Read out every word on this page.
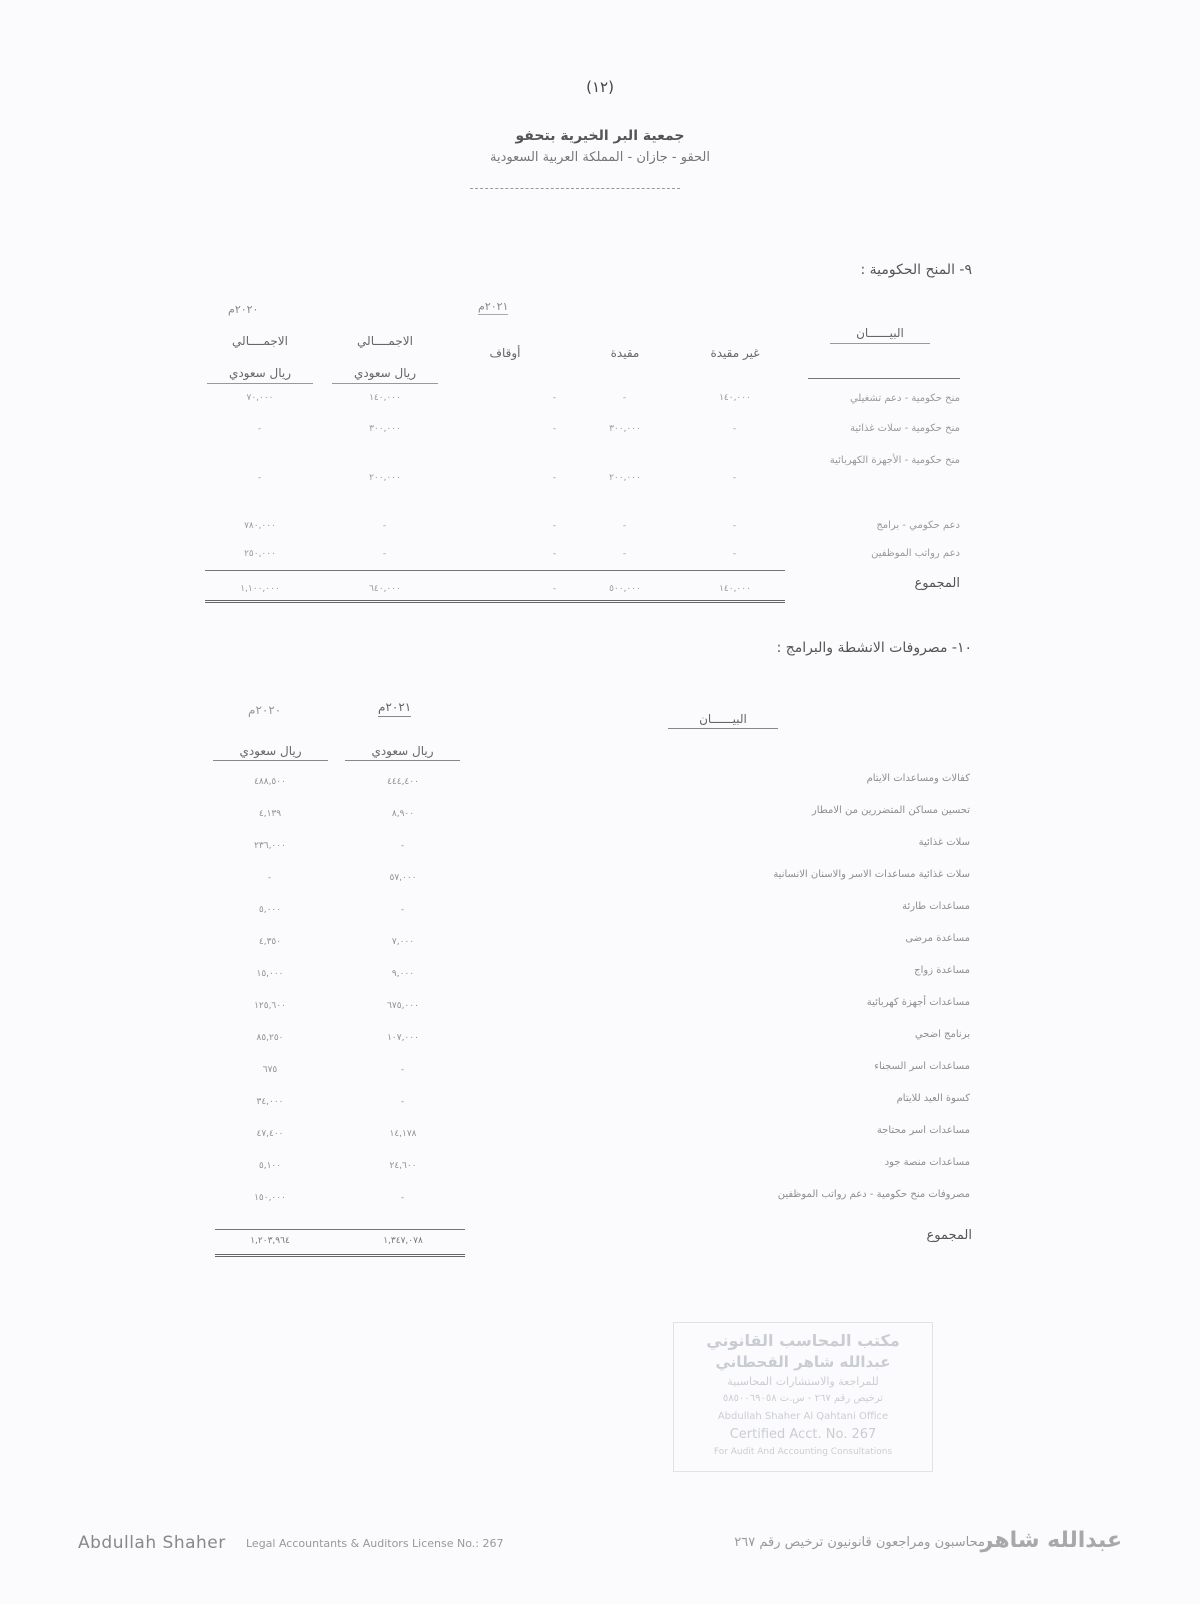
(١٢)
جمعية البر الخيرية بتحفو
الحقو - جازان - المملكة العربية السعودية
٩- المنح الحكومية :
٢٠٢٠م	٢٠٢١م
البيــــــان
غير مقيدة
مقيدة
أوقاف
الاجمــــالي
ريال سعودي
الاجمــــالي
ريال سعودي
منح حكومية - دعم تشغيلي
١٤٠,٠٠٠
-
-
١٤٠,٠٠٠
٧٠,٠٠٠
منح حكومية - سلات غذائية
-
٣٠٠,٠٠٠
-
٣٠٠,٠٠٠
-
منح حكومية - الأجهزة الكهربائية
-
٢٠٠,٠٠٠
-
٢٠٠,٠٠٠
-
دعم حكومي - برامج
-
-
-
-
٧٨٠,٠٠٠
دعم رواتب الموظفين
-
-
-
-
٢٥٠,٠٠٠
المجموع
١٤٠,٠٠٠
٥٠٠,٠٠٠
-
٦٤٠,٠٠٠
١,١٠٠,٠٠٠
١٠- مصروفات الانشطة والبرامج :
٢٠٢١م
٢٠٢٠م
البيــــــان
ريال سعودي
ريال سعودي
كفالات ومساعدات الايتام
٤٤٤,٤٠٠
٤٨٨,٥٠٠
تحسين مساكن المتضررين من الامطار
٨,٩٠٠
٤,١٣٩
سلات غذائية
-
٢٣٦,٠٠٠
سلات غذائية مساعدات الاسر والاسنان الانسانية
٥٧,٠٠٠
-
مساعدات طارئة
-
٥,٠٠٠
مساعدة مرضى
٧,٠٠٠
٤,٣٥٠
مساعدة زواج
٩,٠٠٠
١٥,٠٠٠
مساعدات أجهزة كهربائية
٦٧٥,٠٠٠
١٢٥,٦٠٠
برنامج اضحي
١٠٧,٠٠٠
٨٥,٢٥٠
مساعدات اسر السجناء
-
٦٧٥
كسوة العيد للايتام
-
٣٤,٠٠٠
مساعدات اسر محتاجة
١٤,١٧٨
٤٧,٤٠٠
مساعدات منصة جود
٢٤,٦٠٠
٥,١٠٠
مصروفات منح حكومية - دعم رواتب الموظفين
-
١٥٠,٠٠٠
المجموع
١,٣٤٧,٠٧٨
١,٢٠٣,٩٦٤
مكتب المحاسب القانوني
عبدالله شاهر القحطاني
للمراجعة والاستشارات المحاسبية
ترخيص رقم ٢٦٧ - س.ت ٥٨٥٠٠٦٩٠٥٨
Abdullah Shaher Al Qahtani Office
Certified Acct. No. 267
For Audit And Accounting Consultations
Abdullah Shaher Legal Accountants & Auditors License No.: 267	عبدالله شاهر
محاسبون ومراجعون قانونيون ترخيص رقم ٢٦٧
